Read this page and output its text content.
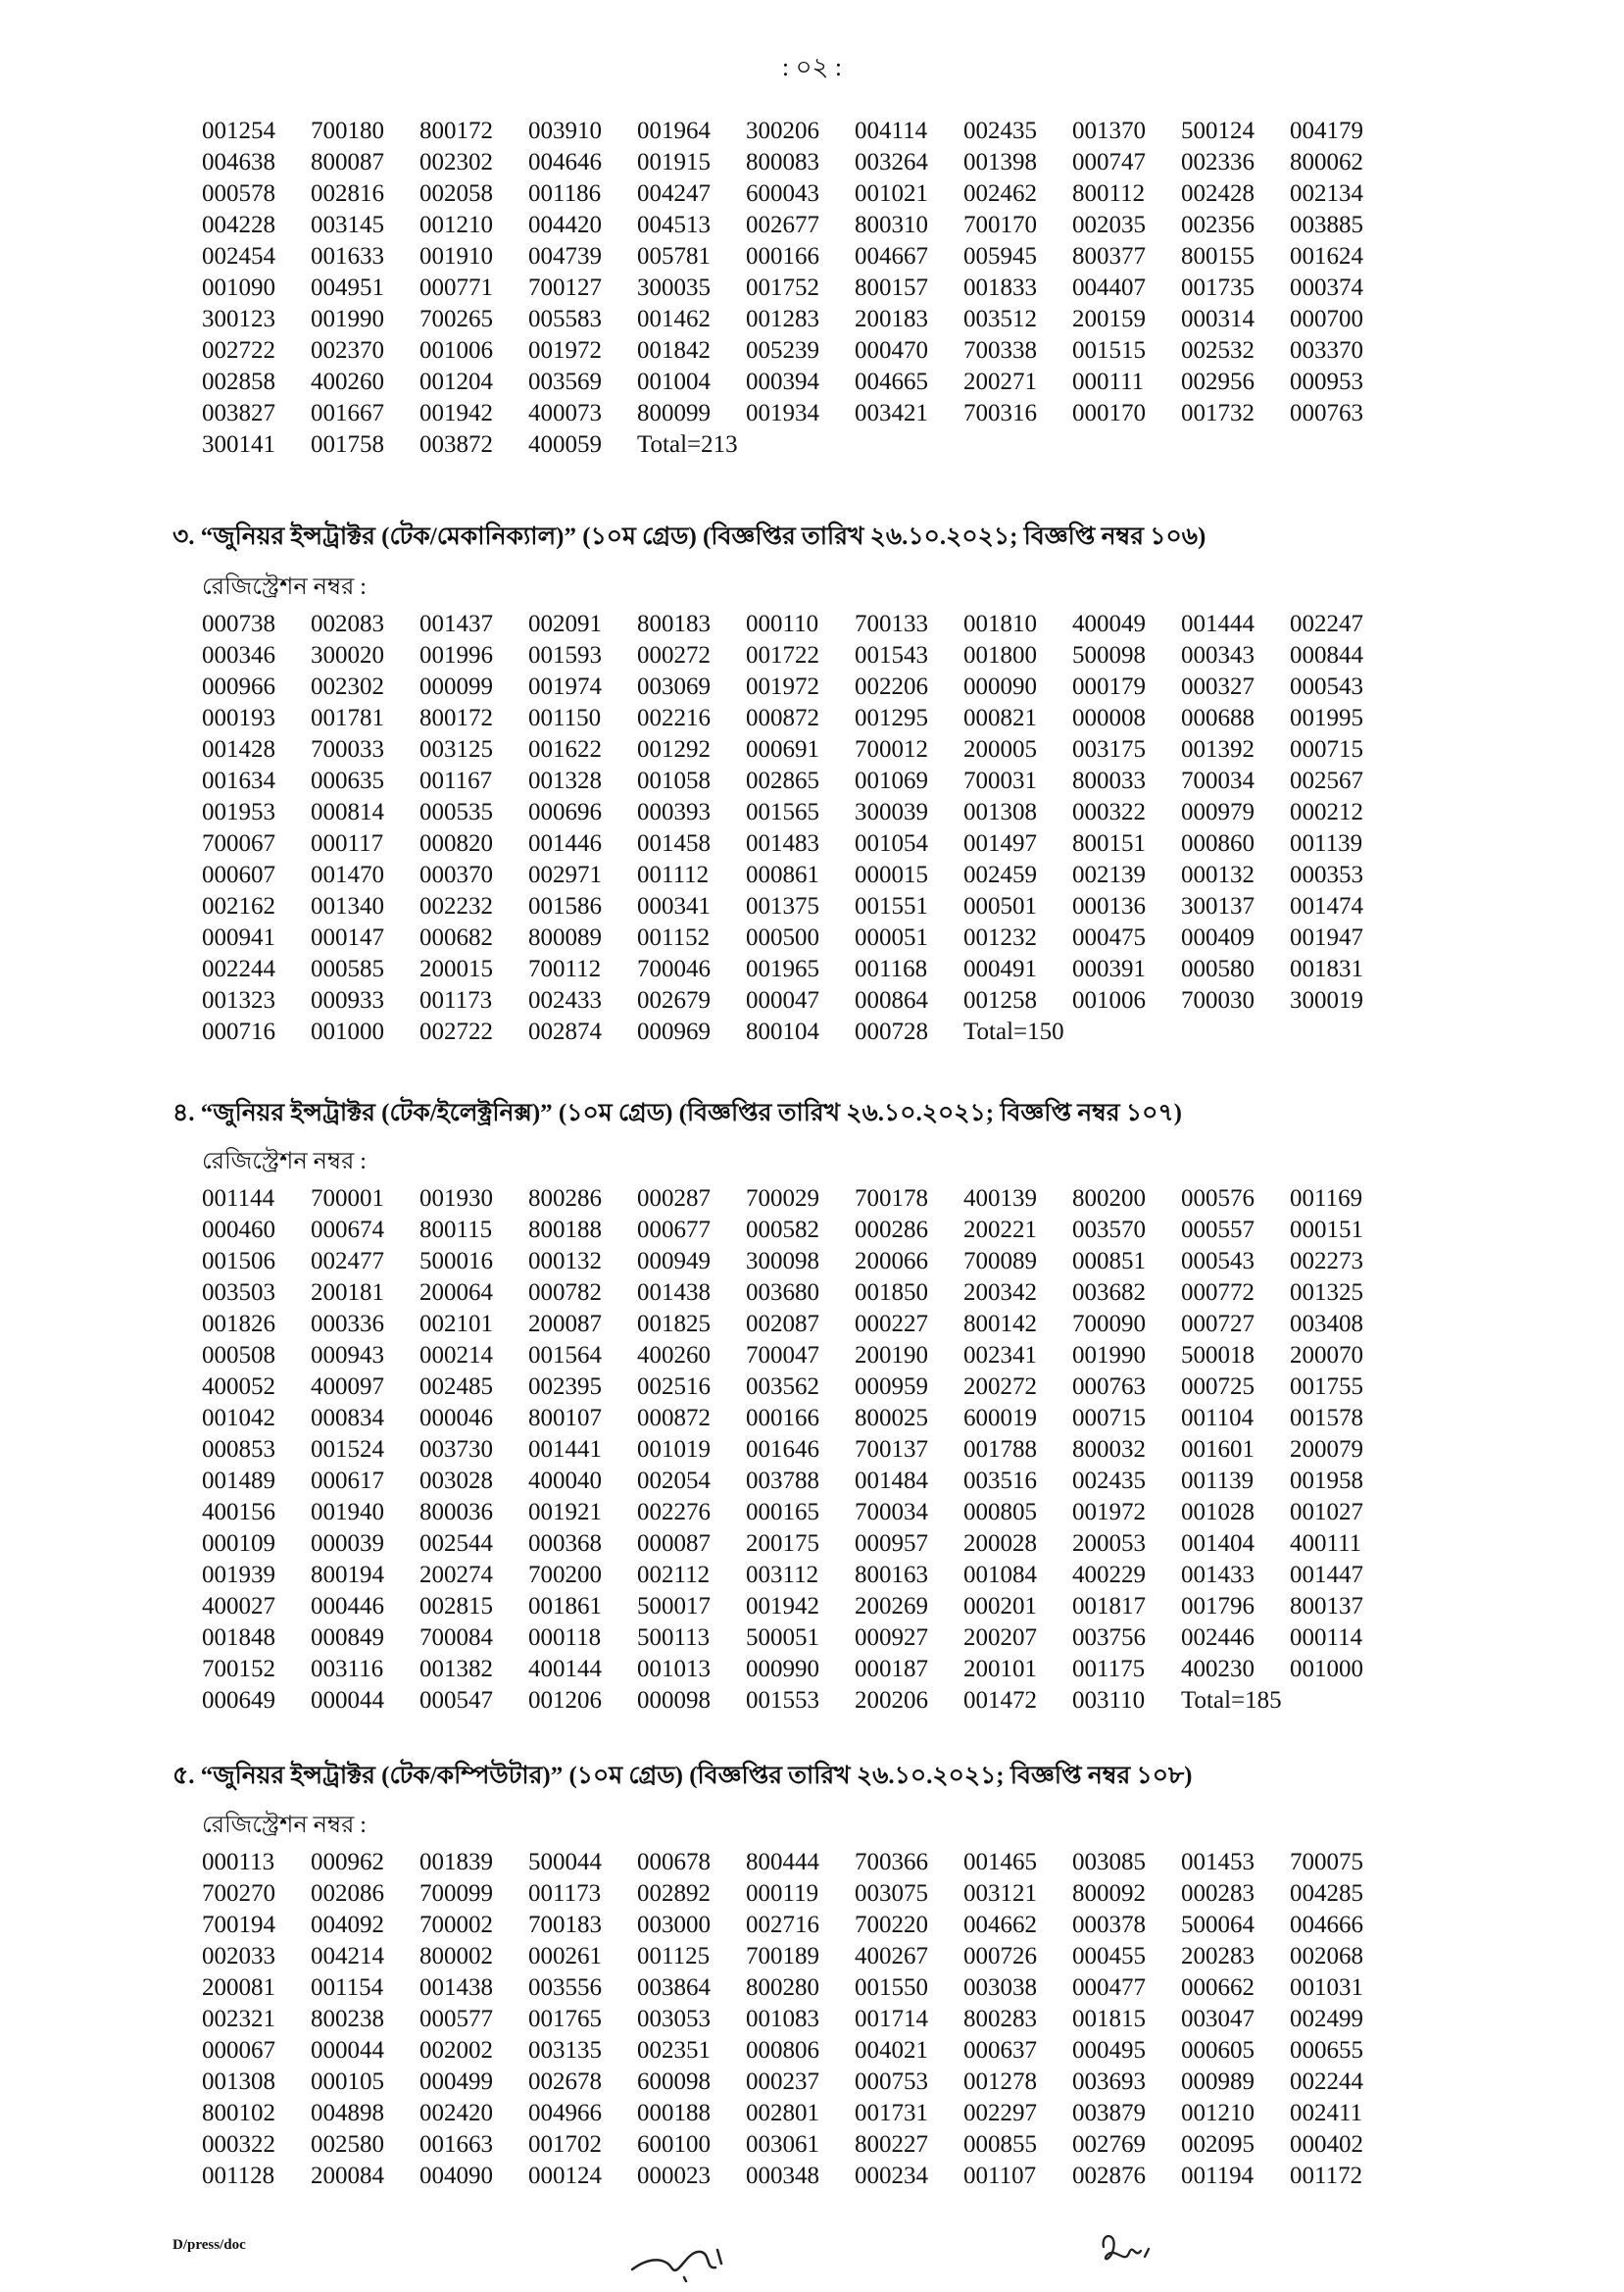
: ০২ :
001254	700180	800172	003910	001964	300206	004114	002435	001370	500124	004179
004638	800087	002302	004646	001915	800083	003264	001398	000747	002336	800062
000578	002816	002058	001186	004247	600043	001021	002462	800112	002428	002134
004228	003145	001210	004420	004513	002677	800310	700170	002035	002356	003885
002454	001633	001910	004739	005781	000166	004667	005945	800377	800155	001624
001090	004951	000771	700127	300035	001752	800157	001833	004407	001735	000374
300123	001990	700265	005583	001462	001283	200183	003512	200159	000314	000700
002722	002370	001006	001972	001842	005239	000470	700338	001515	002532	003370
002858	400260	001204	003569	001004	000394	004665	200271	000111	002956	000953
003827	001667	001942	400073	800099	001934	003421	700316	000170	001732	000763
300141	001758	003872	400059	Total=213
৩. “জুনিয়র ইন্সট্রাক্টর (টেক/মেকানিক্যাল)” (১০ম গ্রেড) (বিজ্ঞপ্তির তারিখ ২৬.১০.২০২১; বিজ্ঞপ্তি নম্বর ১০৬)
রেজিস্ট্রেশন নম্বর :
000738	002083	001437	002091	800183	000110	700133	001810	400049	001444	002247
000346	300020	001996	001593	000272	001722	001543	001800	500098	000343	000844
000966	002302	000099	001974	003069	001972	002206	000090	000179	000327	000543
000193	001781	800172	001150	002216	000872	001295	000821	000008	000688	001995
001428	700033	003125	001622	001292	000691	700012	200005	003175	001392	000715
001634	000635	001167	001328	001058	002865	001069	700031	800033	700034	002567
001953	000814	000535	000696	000393	001565	300039	001308	000322	000979	000212
700067	000117	000820	001446	001458	001483	001054	001497	800151	000860	001139
000607	001470	000370	002971	001112	000861	000015	002459	002139	000132	000353
002162	001340	002232	001586	000341	001375	001551	000501	000136	300137	001474
000941	000147	000682	800089	001152	000500	000051	001232	000475	000409	001947
002244	000585	200015	700112	700046	001965	001168	000491	000391	000580	001831
001323	000933	001173	002433	002679	000047	000864	001258	001006	700030	300019
000716	001000	002722	002874	000969	800104	000728	Total=150
৪. “জুনিয়র ইন্সট্রাক্টর (টেক/ইলেক্ট্রনিক্স)” (১০ম গ্রেড) (বিজ্ঞপ্তির তারিখ ২৬.১০.২০২১; বিজ্ঞপ্তি নম্বর ১০৭)
রেজিস্ট্রেশন নম্বর :
001144	700001	001930	800286	000287	700029	700178	400139	800200	000576	001169
000460	000674	800115	800188	000677	000582	000286	200221	003570	000557	000151
001506	002477	500016	000132	000949	300098	200066	700089	000851	000543	002273
003503	200181	200064	000782	001438	003680	001850	200342	003682	000772	001325
001826	000336	002101	200087	001825	002087	000227	800142	700090	000727	003408
000508	000943	000214	001564	400260	700047	200190	002341	001990	500018	200070
400052	400097	002485	002395	002516	003562	000959	200272	000763	000725	001755
001042	000834	000046	800107	000872	000166	800025	600019	000715	001104	001578
000853	001524	003730	001441	001019	001646	700137	001788	800032	001601	200079
001489	000617	003028	400040	002054	003788	001484	003516	002435	001139	001958
400156	001940	800036	001921	002276	000165	700034	000805	001972	001028	001027
000109	000039	002544	000368	000087	200175	000957	200028	200053	001404	400111
001939	800194	200274	700200	002112	003112	800163	001084	400229	001433	001447
400027	000446	002815	001861	500017	001942	200269	000201	001817	001796	800137
001848	000849	700084	000118	500113	500051	000927	200207	003756	002446	000114
700152	003116	001382	400144	001013	000990	000187	200101	001175	400230	001000
000649	000044	000547	001206	000098	001553	200206	001472	003110	Total=185
৫. “জুনিয়র ইন্সট্রাক্টর (টেক/কম্পিউটার)” (১০ম গ্রেড) (বিজ্ঞপ্তির তারিখ ২৬.১০.২০২১; বিজ্ঞপ্তি নম্বর ১০৮)
রেজিস্ট্রেশন নম্বর :
000113	000962	001839	500044	000678	800444	700366	001465	003085	001453	700075
700270	002086	700099	001173	002892	000119	003075	003121	800092	000283	004285
700194	004092	700002	700183	003000	002716	700220	004662	000378	500064	004666
002033	004214	800002	000261	001125	700189	400267	000726	000455	200283	002068
200081	001154	001438	003556	003864	800280	001550	003038	000477	000662	001031
002321	800238	000577	001765	003053	001083	001714	800283	001815	003047	002499
000067	000044	002002	003135	002351	000806	004021	000637	000495	000605	000655
001308	000105	000499	002678	600098	000237	000753	001278	003693	000989	002244
800102	004898	002420	004966	000188	002801	001731	002297	003879	001210	002411
000322	002580	001663	001702	600100	003061	800227	000855	002769	002095	000402
001128	200084	004090	000124	000023	000348	000234	001107	002876	001194	001172
D/press/doc
